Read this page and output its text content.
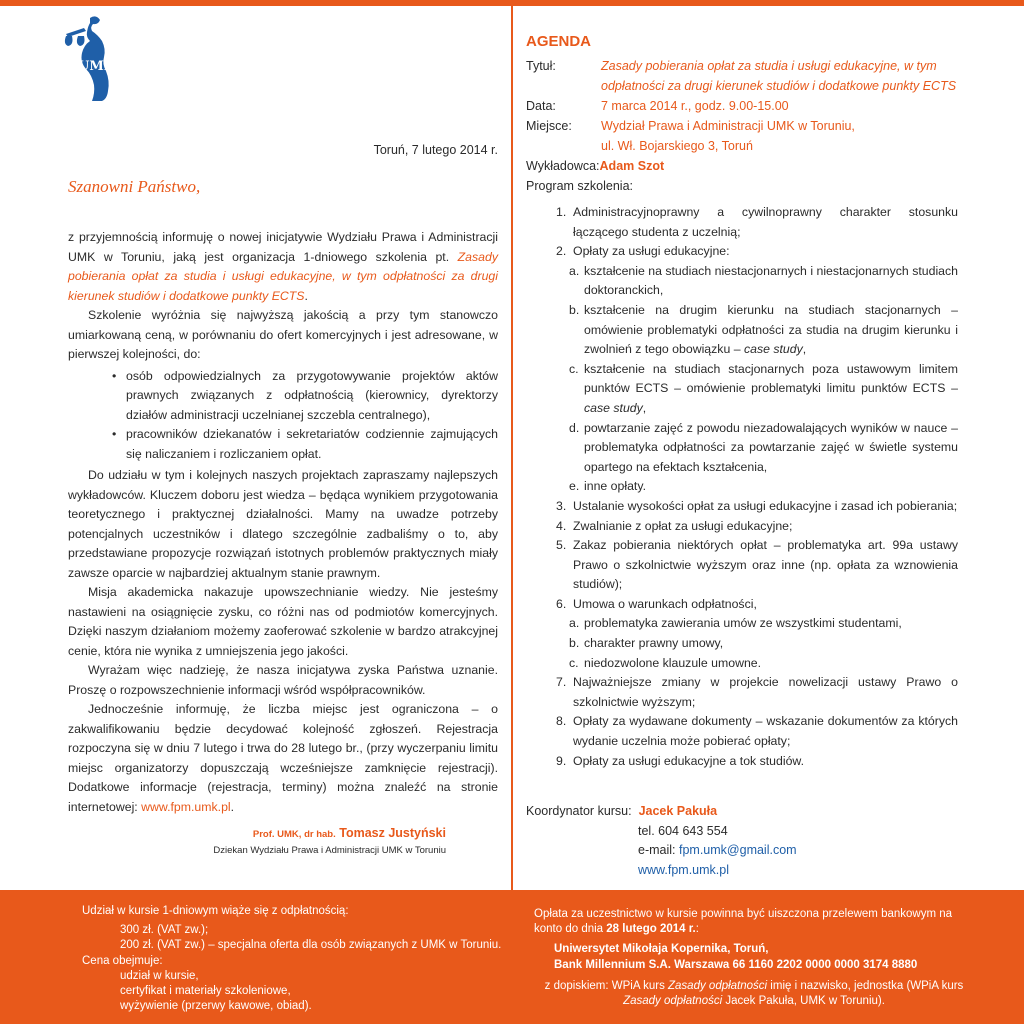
UMK
Toruń, 7 lutego 2014 r.
Szanowni Państwo,

z przyjemnością informuję o nowej inicjatywie Wydziału Prawa i Administracji UMK w Toruniu, jaką jest organizacja 1-dniowego szkolenia pt. Zasady pobierania opłat za studia i usługi edukacyjne, w tym odpłatności za drugi kierunek studiów i dodatkowe punkty ECTS.

Szkolenie wyróżnia się najwyższą jakością a przy tym stanowczo umiarkowaną ceną, w porównaniu do ofert komercyjnych i jest adresowane, w pierwszej kolejności, do:

• osób odpowiedzialnych za przygotowywanie projektów aktów prawnych związanych z odpłatnością (kierownicy, dyrektorzy działów administracji uczelnianej szczebla centralnego),
• pracowników dziekanatów i sekretariatów codziennie zajmujących się naliczaniem i rozliczaniem opłat.

Do udziału w tym i kolejnych naszych projektach zapraszamy najlepszych wykładowców. Kluczem doboru jest wiedza – będąca wynikiem przygotowania teoretycznego i praktycznej działalności. Mamy na uwadze potrzeby potencjalnych uczestników i dlatego szczególnie zadbaliśmy o to, aby przedstawiane propozycje rozwiązań istotnych problemów praktycznych miały zawsze oparcie w najbardziej aktualnym stanie prawnym.

Misja akademicka nakazuje upowszechnianie wiedzy. Nie jesteśmy nastawieni na osiągnięcie zysku, co różni nas od podmiotów komercyjnych. Dzięki naszym działaniom możemy zaoferować szkolenie w bardzo atrakcyjnej cenie, która nie wynika z umniejszenia jego jakości.

Wyrażam więc nadzieję, że nasza inicjatywa zyska Państwa uznanie. Proszę o rozpowszechnienie informacji wśród współpracowników.

Jednocześnie informuję, że liczba miejsc jest ograniczona – o zakwalifikowaniu będzie decydować kolejność zgłoszeń. Rejestracja rozpoczyna się w dniu 7 lutego i trwa do 28 lutego br., (przy wyczerpaniu limitu miejsc organizatorzy dopuszczają wcześniejsze zamknięcie rejestracji). Dodatkowe informacje (rejestracja, terminy) można znaleźć na stronie internetowej: www.fpm.umk.pl.

Prof. UMK, dr hab. Tomasz Justyński
Dziekan Wydziału Prawa i Administracji UMK w Toruniu
AGENDA
Tytuł:	Zasady pobierania opłat za studia i usługi edukacyjne, w tym odpłatności za drugi kierunek studiów i dodatkowe punkty ECTS
Data:	7 marca 2014 r., godz. 9.00-15.00
Miejsce:	Wydział Prawa i Administracji UMK w Toruniu,
ul. Wł. Bojarskiego 3, Toruń
Wykładowca: Adam Szot
Program szkolenia:
1. Administracyjnoprawny a cywilnoprawny charakter stosunku łączącego studenta z uczelnią;
2. Opłaty za usługi edukacyjne:
a. kształcenie na studiach niestacjonarnych i niestacjonarnych studiach doktoranckich,
b. kształcenie na drugim kierunku na studiach stacjonarnych – omówienie problematyki odpłatności za studia na drugim kierunku i zwolnień z tego obowiązku – case study,
c. kształcenie na studiach stacjonarnych poza ustawowym limitem punktów ECTS – omówienie problematyki limitu punktów ECTS – case study,
d. powtarzanie zajęć z powodu niezadowalających wyników w nauce – problematyka odpłatności za powtarzanie zajęć w świetle systemu opartego na efektach kształcenia,
e. inne opłaty.
3. Ustalanie wysokości opłat za usługi edukacyjne i zasad ich pobierania;
4. Zwalnianie z opłat za usługi edukacyjne;
5. Zakaz pobierania niektórych opłat – problematyka art. 99a ustawy Prawo o szkolnictwie wyższym oraz inne (np. opłata za wznowienia studiów);
6. Umowa o warunkach odpłatności,
a. problematyka zawierania umów ze wszystkimi studentami,
b. charakter prawny umowy,
c. niedozwolone klauzule umowne.
7. Najważniejsze zmiany w projekcie nowelizacji ustawy Prawo o szkolnictwie wyższym;
8. Opłaty za wydawane dokumenty – wskazanie dokumentów za których wydanie uczelnia może pobierać opłaty;
9. Opłaty za usługi edukacyjne a tok studiów.
Koordynator kursu: Jacek Pakuła
tel. 604 643 554
e-mail: fpm.umk@gmail.com
www.fpm.umk.pl
Udział w kursie 1-dniowym wiąże się z odpłatnością:
300 zł. (VAT zw.);
200 zł. (VAT zw.) – specjalna oferta dla osób związanych z UMK w Toruniu.
Cena obejmuje:
udział w kursie,
certyfikat i materiały szkoleniowe,
wyżywienie (przerwy kawowe, obiad).
Opłata za uczestnictwo w kursie powinna być uiszczona przelewem bankowym na konto do dnia 28 lutego 2014 r.:
Uniwersytet Mikołaja Kopernika, Toruń,
Bank Millennium S.A. Warszawa 66 1160 2202 0000 0000 3174 8880
z dopiskiem: WPiA kurs Zasady odpłatności imię i nazwisko, jednostka (WPiA kurs Zasady odpłatności Jacek Pakuła, UMK w Toruniu).
